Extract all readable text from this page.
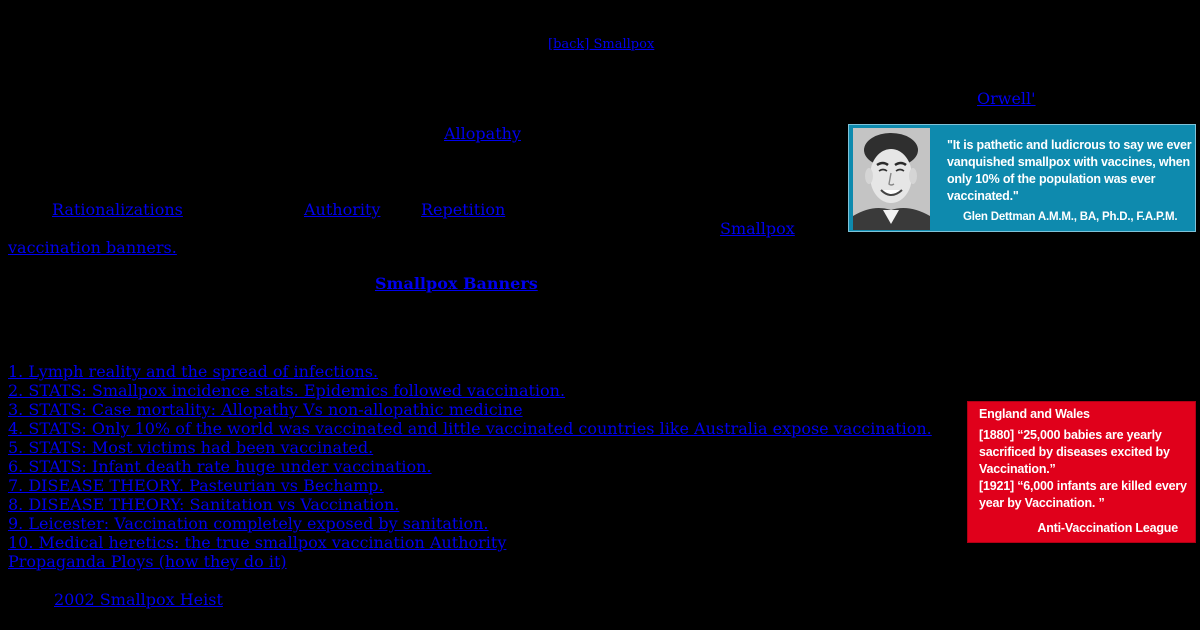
[back] Smallpox
Orwell'
Allopathy
Rationalizations	Authority	Repetition
Smallpox
vaccination banners.
Smallpox Banners
1. Lymph reality and the spread of infections.
2. STATS: Smallpox incidence stats. Epidemics followed vaccination.
3. STATS: Case mortality: Allopathy Vs non-allopathic medicine
4. STATS: Only 10% of the world was vaccinated and little vaccinated countries like Australia expose vaccination.
5. STATS: Most victims had been vaccinated.
6. STATS: Infant death rate huge under vaccination.
7. DISEASE THEORY. Pasteurian vs Bechamp.
8. DISEASE THEORY: Sanitation vs Vaccination.
9. Leicester: Vaccination completely exposed by sanitation.
10. Medical heretics: the true smallpox vaccination Authority
Propaganda Ploys (how they do it)
2002 Smallpox Heist
"It is pathetic and ludicrous to say we ever vanquished smallpox with vaccines, when only 10% of the population was ever vaccinated."
Glen Dettman A.M.M., BA, Ph.D., F.A.P.M.
England and Wales
[1880] “25,000 babies are yearly sacrificed by diseases excited by Vaccination.”
[1921] “6,000 infants are killed every year by Vaccination. ”
Anti-Vaccination League
